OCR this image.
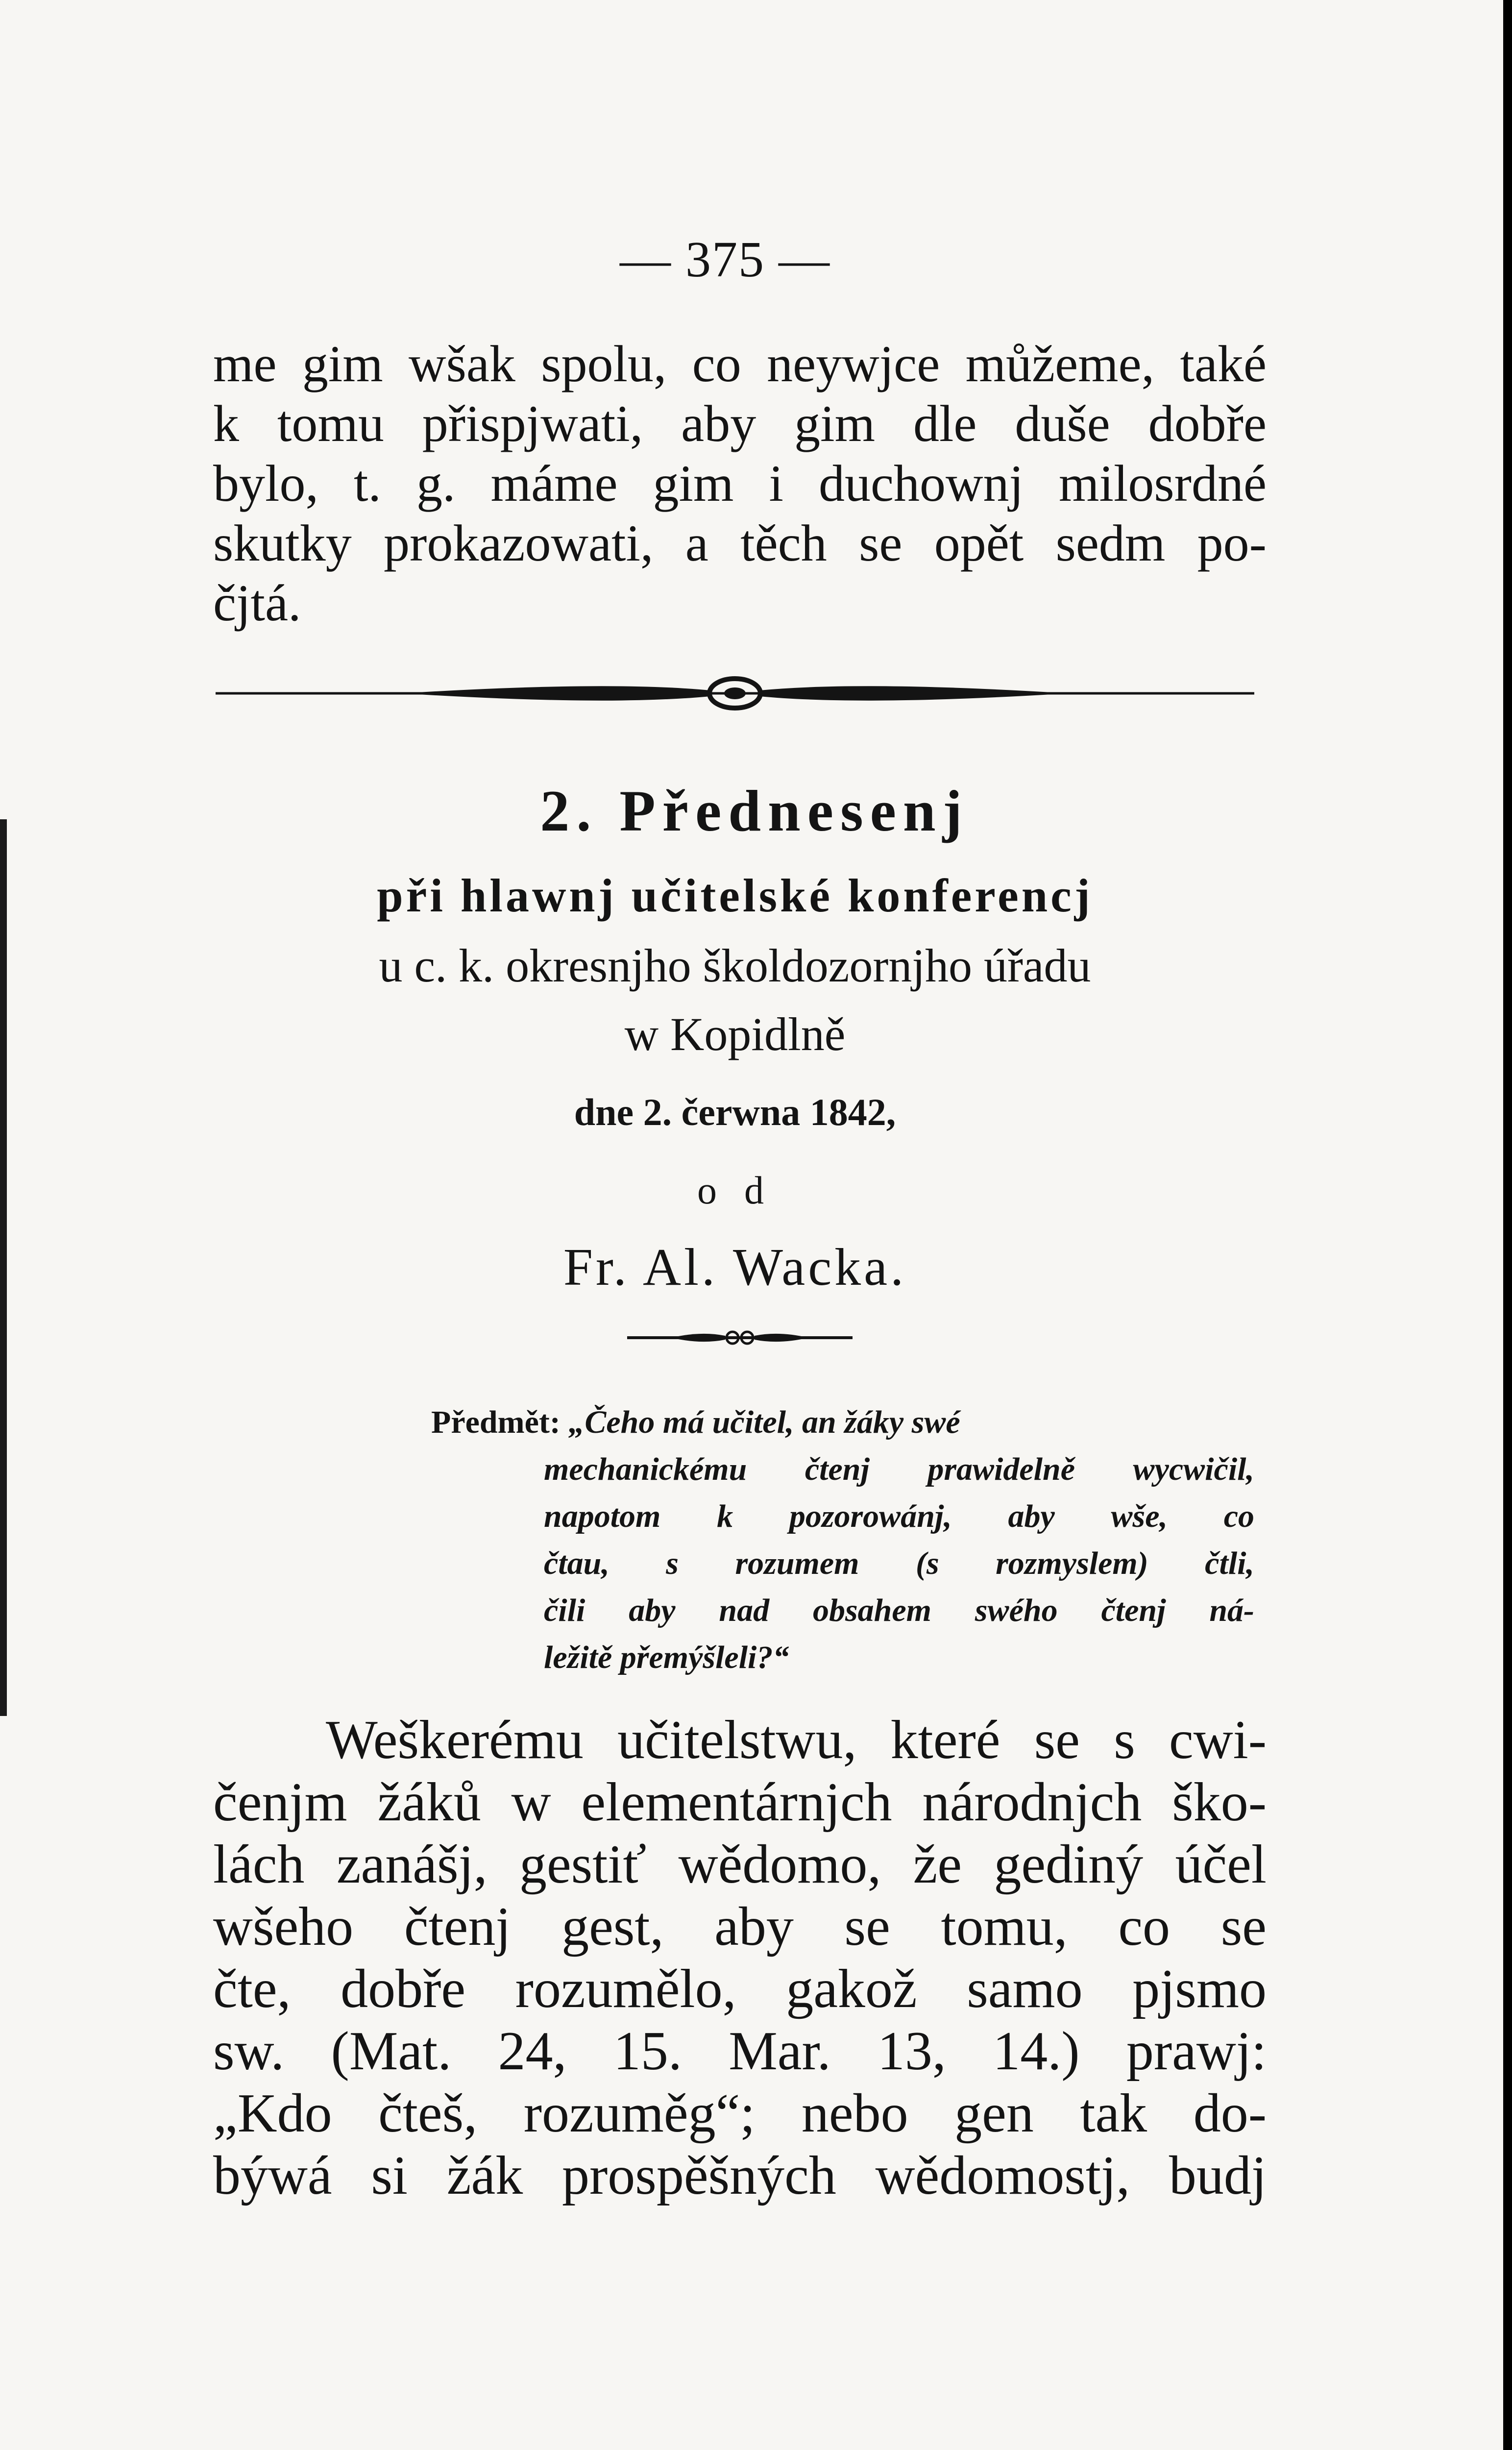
— 375 —
me gim wšak spolu, co neywjce můžeme, také
k tomu přispjwati, aby gim dle duše dobře
bylo, t. g. máme gim i duchownj milosrdné
skutky prokazowati, a těch se opět sedm po-
čjtá.
2. Přednesenj
při hlawnj učitelské konferencj
u c. k. okresnjho školdozornjho úřadu
w Kopidlně
dne 2. čerwna 1842,
o d
Fr. Al. Wacka.
Předmět: „Čeho má učitel, an žáky swé
mechanickému čtenj prawidelně wycwičil,
napotom k pozorowánj, aby wše, co
čtau, s rozumem (s rozmyslem) čtli,
čili aby nad obsahem swého čtenj ná-
ležitě přemýšleli?“
Weškerému učitelstwu, které se s cwi-
čenjm žáků w elementárnjch národnjch ško-
lách zanášj, gestiť wědomo, že gediný účel
wšeho čtenj gest, aby se tomu, co se
čte, dobře rozumělo, gakož samo pjsmo
sw. (Mat. 24, 15. Mar. 13, 14.) prawj:
„Kdo čteš, rozuměg“; nebo gen tak do-
býwá si žák prospěšných wědomostj, budj
